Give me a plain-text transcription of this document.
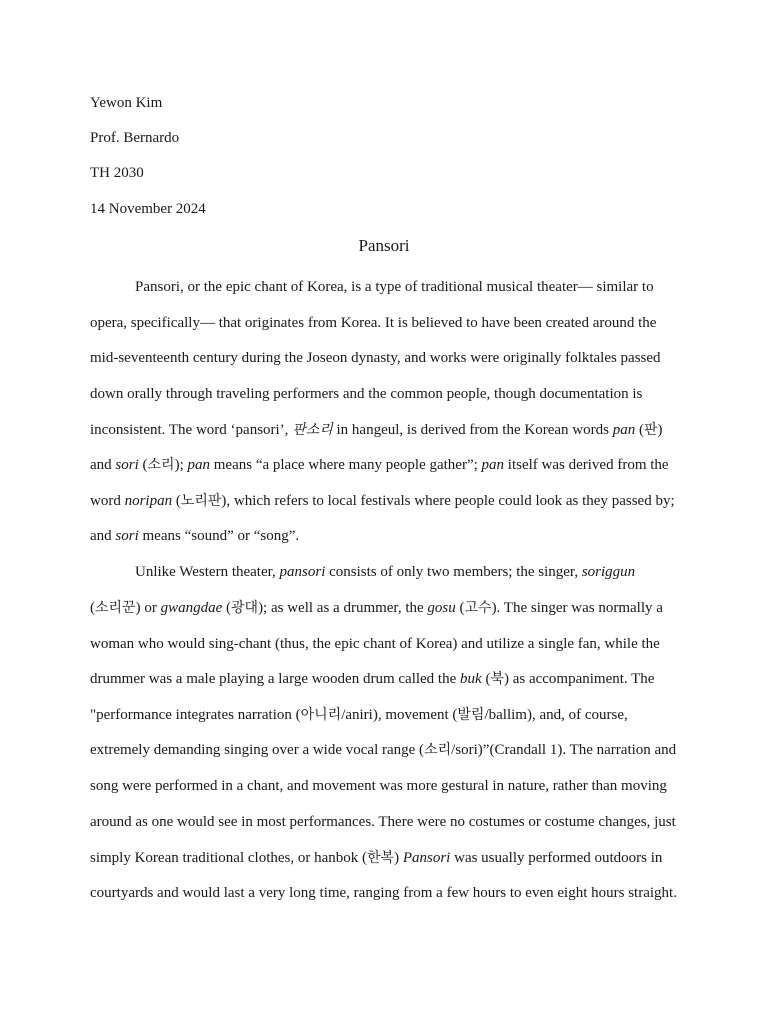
Yewon Kim
Prof. Bernardo
TH 2030
14 November 2024
Pansori
Pansori, or the epic chant of Korea, is a type of traditional musical theater— similar to
opera, specifically— that originates from Korea. It is believed to have been created around the
mid-seventeenth century during the Joseon dynasty, and works were originally folktales passed
down orally through traveling performers and the common people, though documentation is
inconsistent. The word ‘pansori’, 판소리 in hangeul, is derived from the Korean words pan (판)
and sori (소리); pan means “a place where many people gather”; pan itself was derived from the
word noripan (노리판), which refers to local festivals where people could look as they passed by;
and sori means “sound” or “song”.
Unlike Western theater, pansori consists of only two members; the singer, soriggun
(소리꾼) or gwangdae (광대); as well as a drummer, the gosu (고수). The singer was normally a
woman who would sing-chant (thus, the epic chant of Korea) and utilize a single fan, while the
drummer was a male playing a large wooden drum called the buk (북) as accompaniment. The
"performance integrates narration (아니리/aniri), movement (발림/ballim), and, of course,
extremely demanding singing over a wide vocal range (소리/sori)”(Crandall 1). The narration and
song were performed in a chant, and movement was more gestural in nature, rather than moving
around as one would see in most performances. There were no costumes or costume changes, just
simply Korean traditional clothes, or hanbok (한복) Pansori was usually performed outdoors in
courtyards and would last a very long time, ranging from a few hours to even eight hours straight.
